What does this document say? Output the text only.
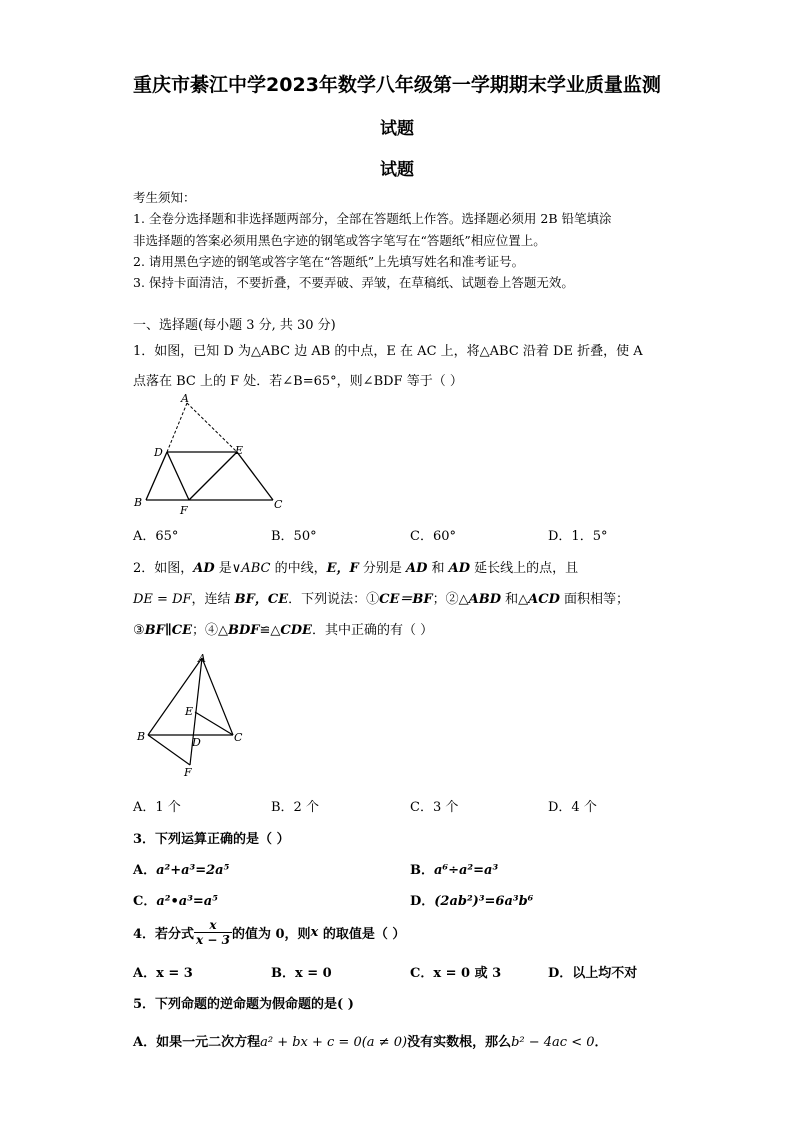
重庆市綦江中学2023年数学八年级第一学期期末学业质量监测
试题
试题
考生须知：
1. 全卷分选择题和非选择题两部分，全部在答题纸上作答。选择题必须用 2B 铅笔填涂
非选择题的答案必须用黑色字迹的钢笔或答字笔写在“答题纸”相应位置上。
2. 请用黑色字迹的钢笔或答字笔在“答题纸”上先填写姓名和准考证号。
3. 保持卡面清洁，不要折叠，不要弄破、弄皱，在草稿纸、试题卷上答题无效。
一、选择题(每小题 3 分, 共 30 分)
1．如图，已知 D 为△ABC 边 AB 的中点，E 在 AC 上，将△ABC 沿着 DE 折叠，使 A
点落在 BC 上的 F 处．若∠B=65°，则∠BDF 等于（ ）
A
D	E
B	C
F
A．65°	B．50°	C．60°	D．1．5°
2．如图，AD 是∨ABC 的中线，E，F 分别是 AD 和 AD 延长线上的点，且
DE = DF，连结 BF，CE．下列说法：①CE＝BF；②△ABD 和△ACD 面积相等；
③BF∥CE；④△BDF≌△CDE．其中正确的有（ ）
A
E
B	C
D
F
A．1 个	B．2 个	C．3 个	D．4 个
3．下列运算正确的是（ ）
A．a²+a³=2a⁵	B．a⁶÷a²=a³
C．a²•a³=a⁵	D．(2ab²)³=6a³b⁶
4．若分式 $\frac{x}{x - 3}$ 的值为 0，则x 的取值是（ ）
A．x = 3	B．x = 0	C．x = 0 或 3	D．以上均不对
5．下列命题的逆命题为假命题的是( )
A．如果一元二次方程a² + bx + c = 0(a ≠ 0)没有实数根，那么b² − 4ac < 0．
